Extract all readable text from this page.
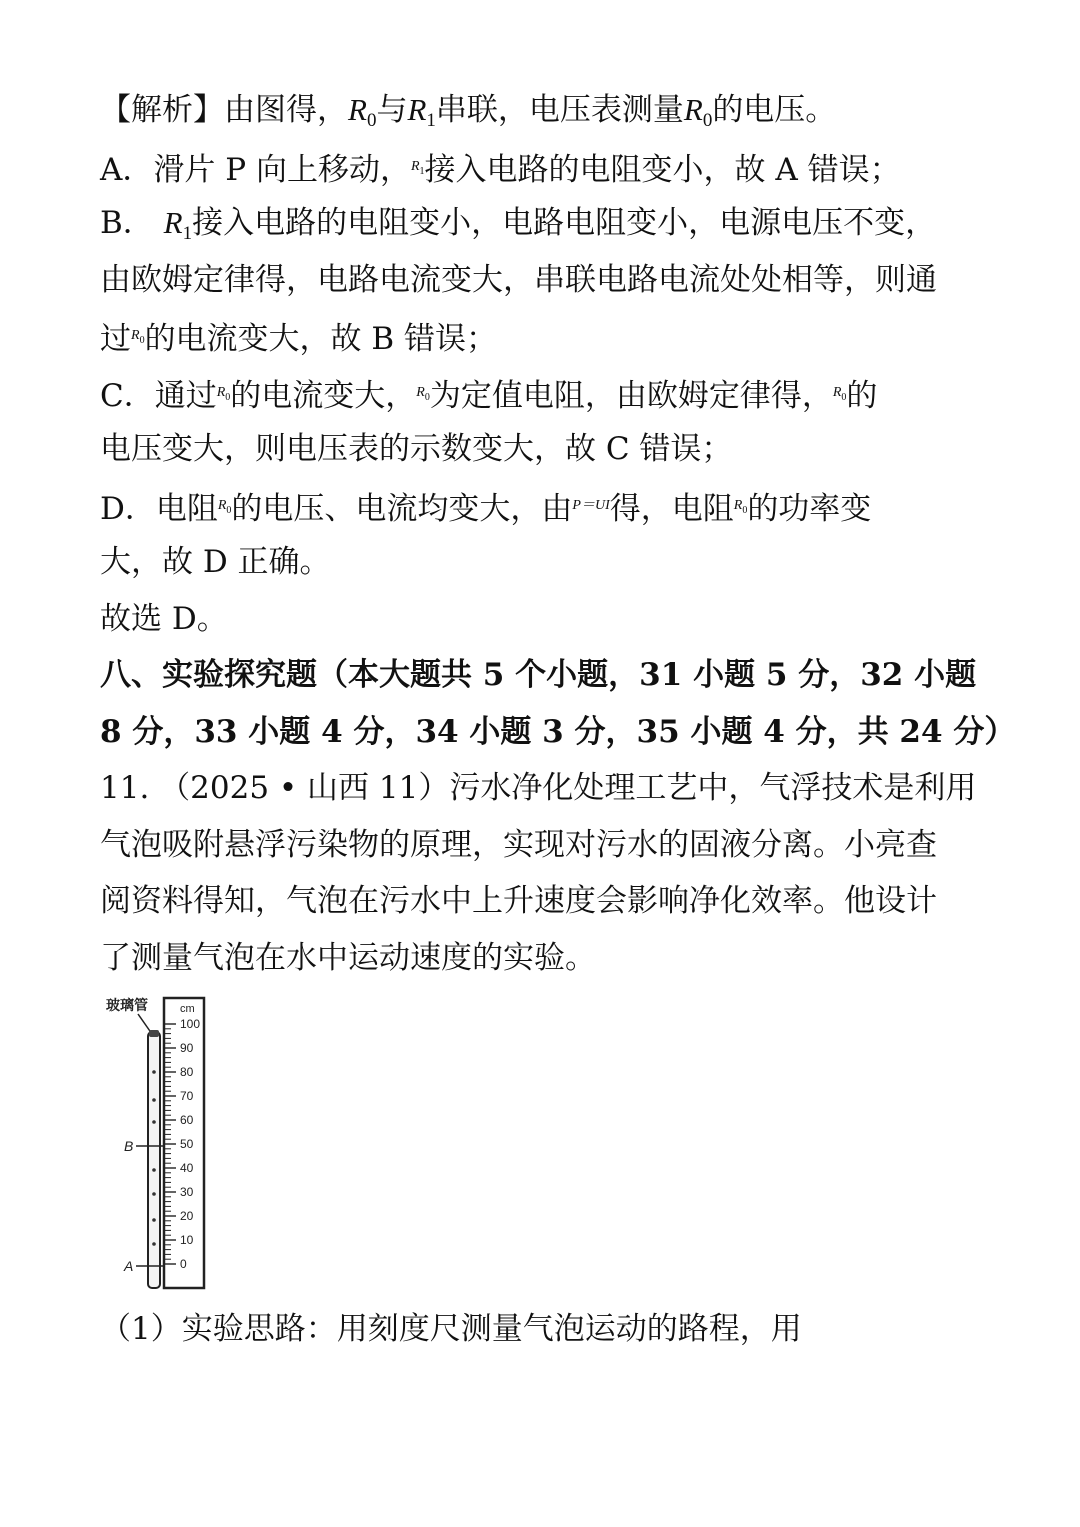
【解析】由图得，$R_0$与$R_1$串联，电压表测量$R_0$的电压。
A．滑片 P 向上移动，$^{R_1}$接入电路的电阻变小，故 A 错误；
B． $R_1$接入电路的电阻变小，电路电阻变小，电源电压不变，
由欧姆定律得，电路电流变大，串联电路电流处处相等，则通
过$^{R_0}$的电流变大，故 B 错误；
C．通过$^{R_0}$的电流变大，$^{R_0}$为定值电阻，由欧姆定律得，$^{R_0}$的
电压变大，则电压表的示数变大，故 C 错误；
D．电阻$^{R_0}$的电压、电流均变大，由$^{P=UI}$得，电阻$^{R_0}$的功率变
大，故 D 正确。
故选 D。
八、实验探究题（本大题共 5 个小题，31 小题 5 分，32 小题
8 分，33 小题 4 分，34 小题 3 分，35 小题 4 分，共 24 分）
11. （2025 • 山西 11）污水净化处理工艺中，气浮技术是利用
气泡吸附悬浮污染物的原理，实现对污水的固液分离。小亮查
阅资料得知，气泡在污水中上升速度会影响净化效率。他设计
了测量气泡在水中运动速度的实验。
玻璃管	cm
100
90
80
70
60
50
40
30
20
10
0
B
A
（1）实验思路：用刻度尺测量气泡运动的路程，用
